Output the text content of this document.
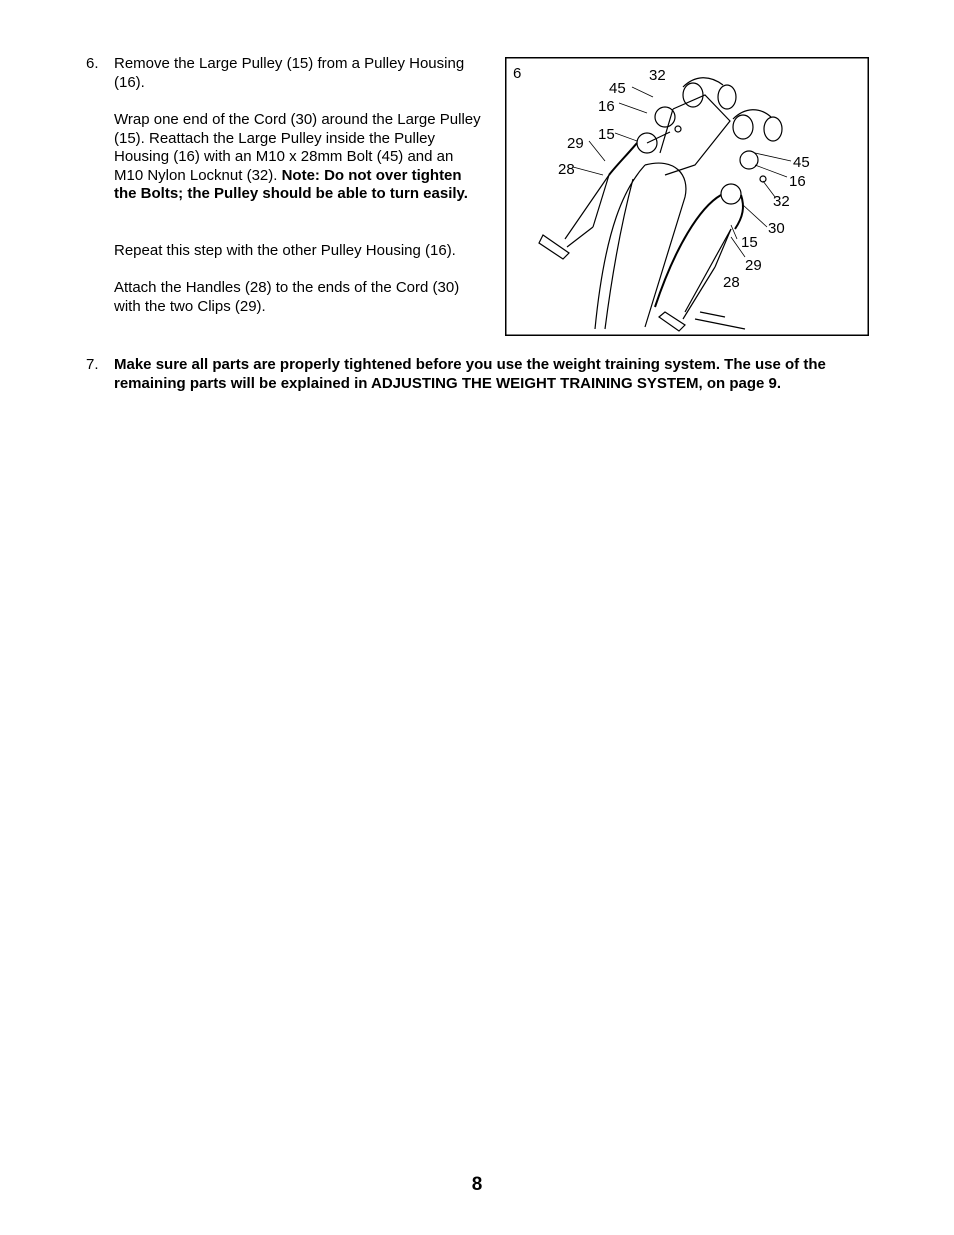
6. Remove the Large Pulley (15) from a Pulley Housing (16).

Wrap one end of the Cord (30) around the Large Pulley (15). Reattach the Large Pulley inside the Pulley Housing (16) with an M10 x 28mm Bolt (45) and an M10 Nylon Locknut (32). Note: Do not over tighten the Bolts; the Pulley should be able to turn easily.

Repeat this step with the other Pulley Housing (16).

Attach the Handles (28) to the ends of the Cord (30) with the two Clips (29).

6	32
45
16
15
29
28	45
16
32
30
15
29
28
7. Make sure all parts are properly tightened before you use the weight training system. The use of the remaining parts will be explained in ADJUSTING THE WEIGHT TRAINING SYSTEM, on page 9.

8
